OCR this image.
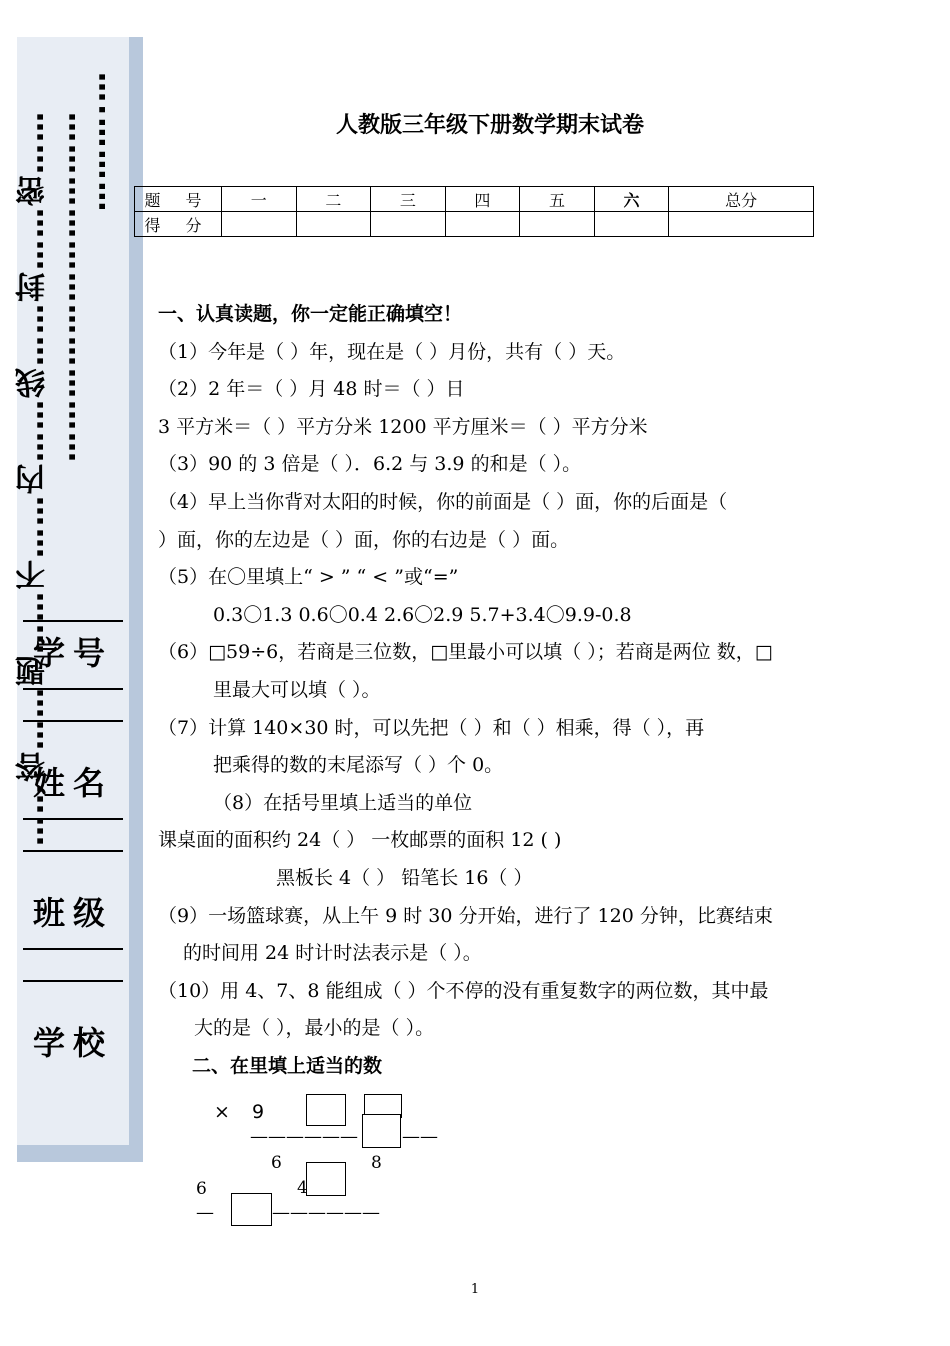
……….…
……………………………
……答……题……不……内……线……封……密……
学号
姓名
班级
学校
人教版三年级下册数学期末试卷
题 号	一	二	三	四	五	六	总分
得 分							

一、认真读题，你一定能正确填空！

（1）今年是（ ）年，现在是（ ）月份，共有（ ）天。

（2）2 年＝（ ）月 48 时＝（ ）日

3 平方米＝（ ）平方分米 1200 平方厘米＝（ ）平方分米

（3）90 的 3 倍是（ ）．6.2 与 3.9 的和是（ ）。

（4）早上当你背对太阳的时候，你的前面是（ ）面，你的后面是（

）面，你的左边是（ ）面，你的右边是（ ）面。

（5）在〇里填上“ > ” “ < ”或“=”

0.3〇1.3 0.6〇0.4 2.6〇2.9 5.7+3.4〇9.9-0.8

（6）□59÷6，若商是三位数，□里最小可以填（ ）；若商是两位 数，□

里最大可以填（ ）。

（7）计算 140×30 时，可以先把（ ）和（ ）相乘，得（ ），再

把乘得的数的末尾添写（ ）个 0。

（8）在括号里填上适当的单位

课桌面的面积约 24（ ） 一枚邮票的面积 12 ( )

黑板长 4（ ） 铅笔长 16（ ）

（9）一场篮球赛，从上午 9 时 30 分开始，进行了 120 分钟，比赛结束

的时间用 24 时计时法表示是（ ）。

（10）用 4、7、8 能组成（ ）个不停的没有重复数字的两位数，其中最

大的是（ ），最小的是（ ）。

二、在里填上适当的数

× 9
—————— ——
6	8
4
6
—	——————
1
